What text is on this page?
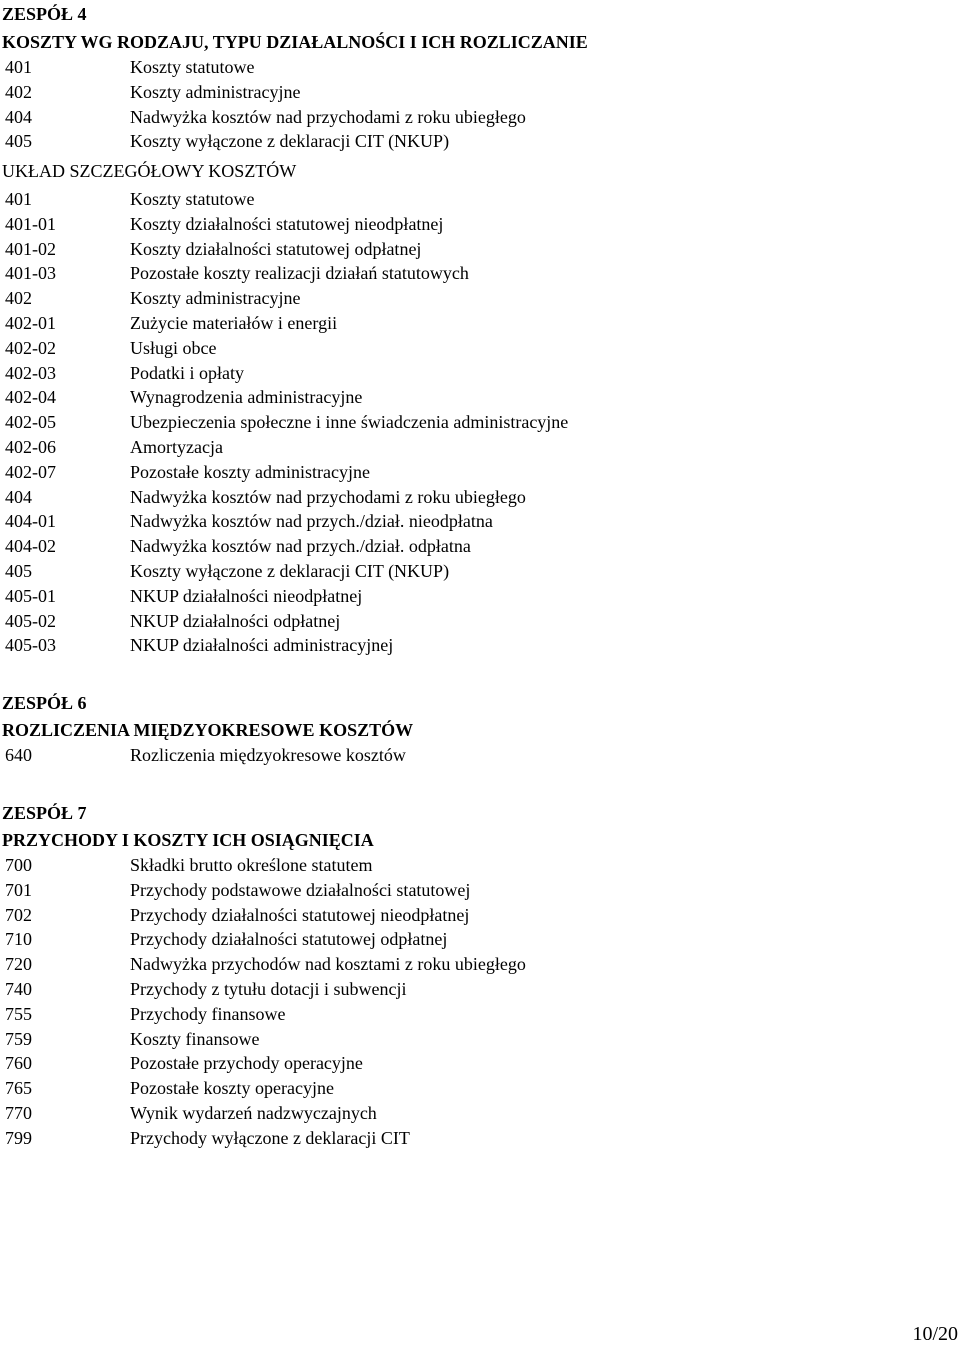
ZESPÓŁ 4
KOSZTY WG RODZAJU, TYPU DZIAŁALNOŚCI I ICH ROZLICZANIE
401	Koszty statutowe
402	Koszty administracyjne
404	Nadwyżka kosztów nad przychodami z roku ubiegłego
405	Koszty wyłączone z deklaracji CIT (NKUP)
UKŁAD SZCZEGÓŁOWY KOSZTÓW
401	Koszty statutowe
401-01	Koszty działalności statutowej nieodpłatnej
401-02	Koszty działalności statutowej odpłatnej
401-03	Pozostałe koszty realizacji działań statutowych
402	Koszty administracyjne
402-01	Zużycie materiałów i energii
402-02	Usługi obce
402-03	Podatki i opłaty
402-04	Wynagrodzenia administracyjne
402-05	Ubezpieczenia społeczne i inne świadczenia administracyjne
402-06	Amortyzacja
402-07	Pozostałe koszty administracyjne
404	Nadwyżka kosztów nad przychodami z roku ubiegłego
404-01	Nadwyżka kosztów nad przych./dział. nieodpłatna
404-02	Nadwyżka kosztów nad przych./dział. odpłatna
405	Koszty wyłączone z deklaracji CIT (NKUP)
405-01	NKUP działalności nieodpłatnej
405-02	NKUP działalności odpłatnej
405-03	NKUP działalności administracyjnej
ZESPÓŁ 6
ROZLICZENIA MIĘDZYOKRESOWE KOSZTÓW
640	Rozliczenia międzyokresowe kosztów
ZESPÓŁ 7
PRZYCHODY I KOSZTY ICH OSIĄGNIĘCIA
700	Składki brutto określone statutem
701	Przychody podstawowe działalności statutowej
702	Przychody działalności statutowej nieodpłatnej
710	Przychody działalności statutowej odpłatnej
720	Nadwyżka przychodów nad kosztami z roku ubiegłego
740	Przychody z tytułu dotacji i subwencji
755	Przychody finansowe
759	Koszty finansowe
760	Pozostałe przychody operacyjne
765	Pozostałe koszty operacyjne
770	Wynik wydarzeń nadzwyczajnych
799	Przychody wyłączone z deklaracji CIT
10/20
